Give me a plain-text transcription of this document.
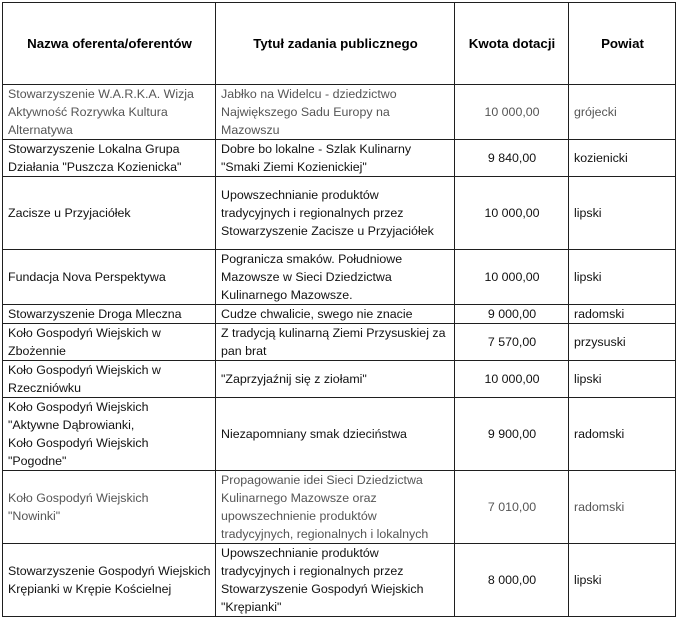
Nazwa oferenta/oferentów	Tytuł zadania publicznego	Kwota dotacji	Powiat
Stowarzyszenie W.A.R.K.A. Wizja Aktywność Rozrywka Kultura Alternatywa	Jabłko na Widelcu - dziedzictwo Największego Sadu Europy na Mazowszu	10 000,00	grójecki
Stowarzyszenie Lokalna Grupa Działania "Puszcza Kozienicka"	Dobre bo lokalne - Szlak Kulinarny "Smaki Ziemi Kozienickiej"	9 840,00	kozienicki
Zacisze u Przyjaciółek	Upowszechnianie produktów tradycyjnych i regionalnych przez Stowarzyszenie Zacisze u Przyjaciółek	10 000,00	lipski
Fundacja Nova Perspektywa	Pogranicza smaków. Południowe Mazowsze w Sieci Dziedzictwa Kulinarnego Mazowsze.	10 000,00	lipski
Stowarzyszenie Droga Mleczna	Cudze chwalicie, swego nie znacie	9 000,00	radomski
Koło Gospodyń Wiejskich w Zbożennie	Z tradycją kulinarną Ziemi Przysuskiej za pan brat	7 570,00	przysuski
Koło Gospodyń Wiejskich w Rzeczniówku	"Zaprzyjaźnij się z ziołami"	10 000,00	lipski

Koło Gospodyń Wiejskich
"Aktywne Dąbrowianki,
Koło Gospodyń Wiejskich
"Pogodne"	Niezapomniany smak dzieciństwa	9 900,00	radomski

Koło Gospodyń Wiejskich
"Nowinki"	Propagowanie idei Sieci Dziedzictwa Kulinarnego Mazowsze oraz upowszechnienie produktów tradycyjnych, regionalnych i lokalnych	7 010,00	radomski
Stowarzyszenie Gospodyń Wiejskich Krępianki w Krępie Kościelnej	Upowszechnianie produktów tradycyjnych i regionalnych przez Stowarzyszenie Gospodyń Wiejskich "Krępianki"	8 000,00	lipski
